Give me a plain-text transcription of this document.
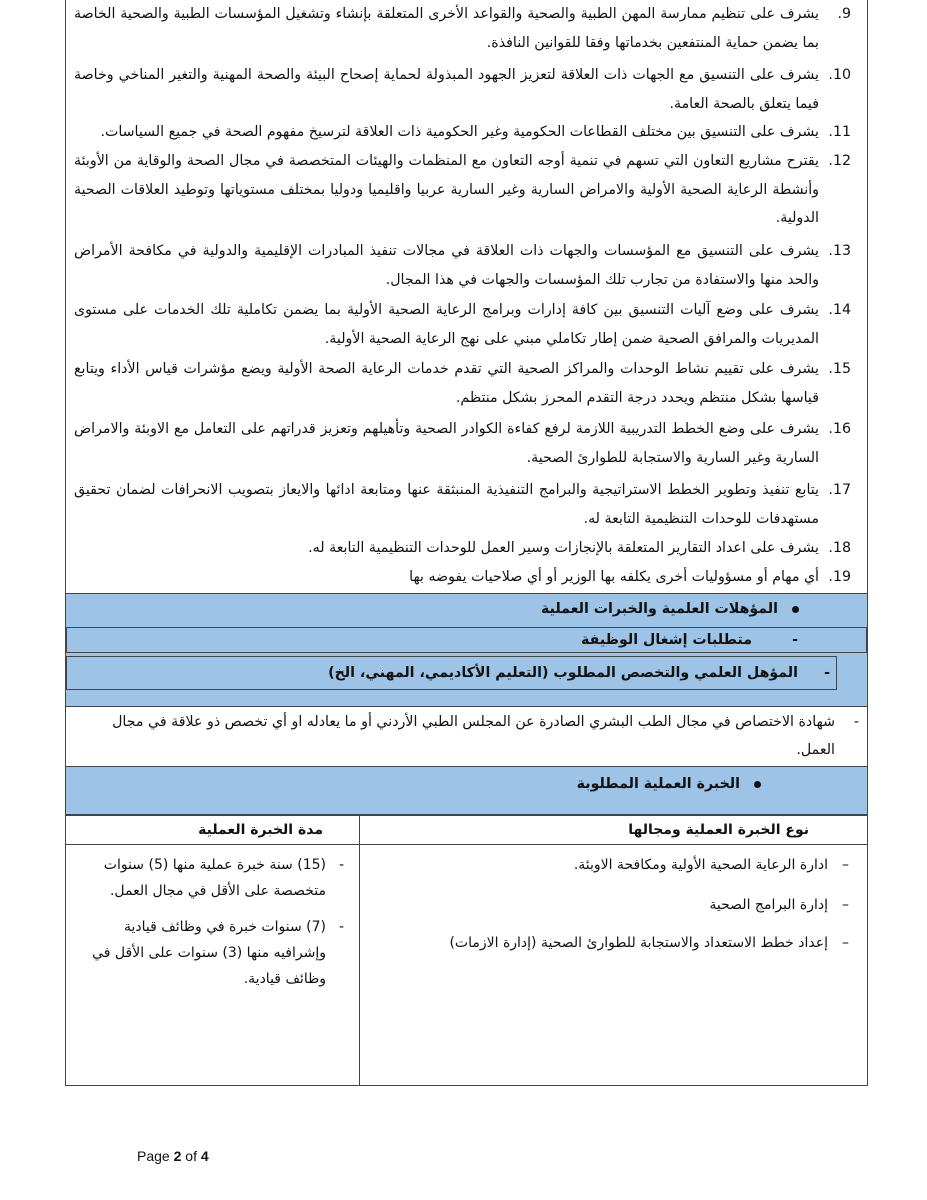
9.
يشرف على تنظيم ممارسة المهن الطبية والصحية والقواعد الأخرى المتعلقة بإنشاء وتشغيل المؤسسات الطبية والصحية الخاصة بما يضمن حماية المنتفعين بخدماتها وفقا للقوانين النافذة.
10.
يشرف على التنسيق مع الجهات ذات العلاقة لتعزيز الجهود المبذولة لحماية إصحاح البيئة والصحة المهنية والتغير المناخي وخاصة فيما يتعلق بالصحة العامة.
11.
يشرف على التنسيق بين مختلف القطاعات الحكومية وغير الحكومية ذات العلاقة لترسيخ مفهوم الصحة في جميع السياسات.
12.
يقترح مشاريع التعاون التي تسهم في تنمية أوجه التعاون مع المنظمات والهيئات المتخصصة في مجال الصحة والوقاية من الأوبئة وأنشطة الرعاية الصحية الأولية والامراض السارية وغير السارية عربيا واقليميا ودوليا بمختلف مستوياتها وتوطيد العلاقات الصحية الدولية.
13.
يشرف على التنسيق مع المؤسسات والجهات ذات العلاقة في مجالات تنفيذ المبادرات الإقليمية والدولية في مكافحة الأمراض والحد منها والاستفادة من تجارب تلك المؤسسات والجهات في هذا المجال.
14.
يشرف على وضع آليات التنسيق بين كافة إدارات وبرامج الرعاية الصحية الأولية بما يضمن تكاملية تلك الخدمات على مستوى المديريات والمرافق الصحية ضمن إطار تكاملي مبني على نهج الرعاية الصحية الأولية.
15.
يشرف على تقييم نشاط الوحدات والمراكز الصحية التي تقدم خدمات الرعاية الصحة الأولية ويضع مؤشرات قياس الأداء ويتابع قياسها بشكل منتظم ويحدد درجة التقدم المحرز بشكل منتظم.
16.
يشرف على وضع الخطط التدريبية اللازمة لرفع كفاءة الكوادر الصحية وتأهيلهم وتعزيز قدراتهم على التعامل مع الاوبئة والامراض السارية وغير السارية والاستجابة للطوارئ الصحية.
17.
يتابع تنفيذ وتطوير الخطط الاستراتيجية والبرامج التنفيذية المنبثقة عنها ومتابعة ادائها والايعاز بتصويب الانحرافات لضمان تحقيق مستهدفات للوحدات التنظيمية التابعة له.
18.
يشرف على اعداد التقارير المتعلقة بالإنجازات وسير العمل للوحدات التنظيمية التابعة له.
19.
أي مهام أو مسؤوليات أخرى يكلفه بها الوزير أو أي صلاحيات يفوضه بها
المؤهلات العلمية والخبرات العملية
-
متطلبات إشغال الوظيفة
-
المؤهل العلمي والتخصص المطلوب (التعليم الأكاديمي، المهني، الخ)
-
شهادة الاختصاص في مجال الطب البشري الصادرة عن المجلس الطبي الأردني أو ما يعادله او أي تخصص ذو علاقة في مجال العمل.
الخبرة العملية المطلوبة
نوع الخبرة العملية ومجالها
مدة الخبرة العملية
–ادارة الرعاية الصحية الأولية ومكافحة الاوبئة.
–إدارة البرامج الصحية
–إعداد خطط الاستعداد والاستجابة للطوارئ الصحية (إدارة الازمات)
-
(15) سنة خبرة عملية منها (5) سنوات متخصصة على الأقل في مجال العمل.
-
(7) سنوات خبرة في وظائف قيادية وإشرافيه منها (3) سنوات على الأقل في وظائف قيادية.
Page 2 of 4
